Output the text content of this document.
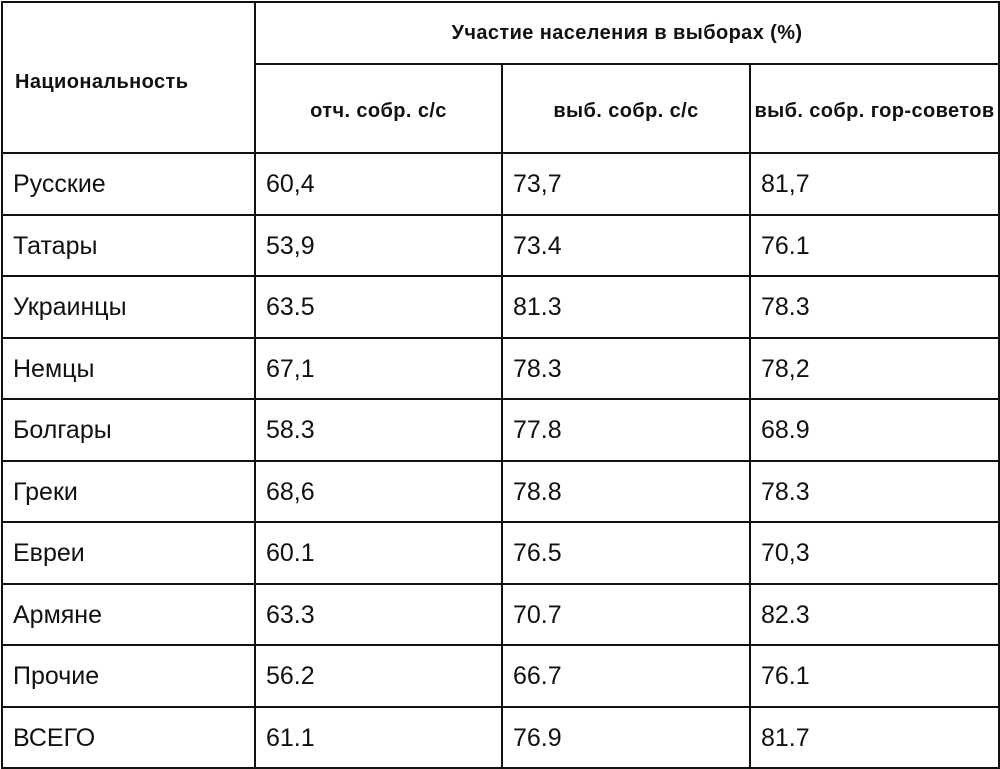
Национальность	Участие населения в выборах (%)		
	отч. собр. с/с	выб. собр. с/с	выб. собр. гор-советов
Русские	60,4	73,7	81,7
Татары	53,9	73.4	76.1
Украинцы	63.5	81.3	78.3
Немцы	67,1	78.3	78,2
Болгары	58.3	77.8	68.9
Греки	68,6	78.8	78.3
Евреи	60.1	76.5	70,3
Армяне	63.3	70.7	82.3
Прочие	56.2	66.7	76.1
ВСЕГО	61.1	76.9	81.7
